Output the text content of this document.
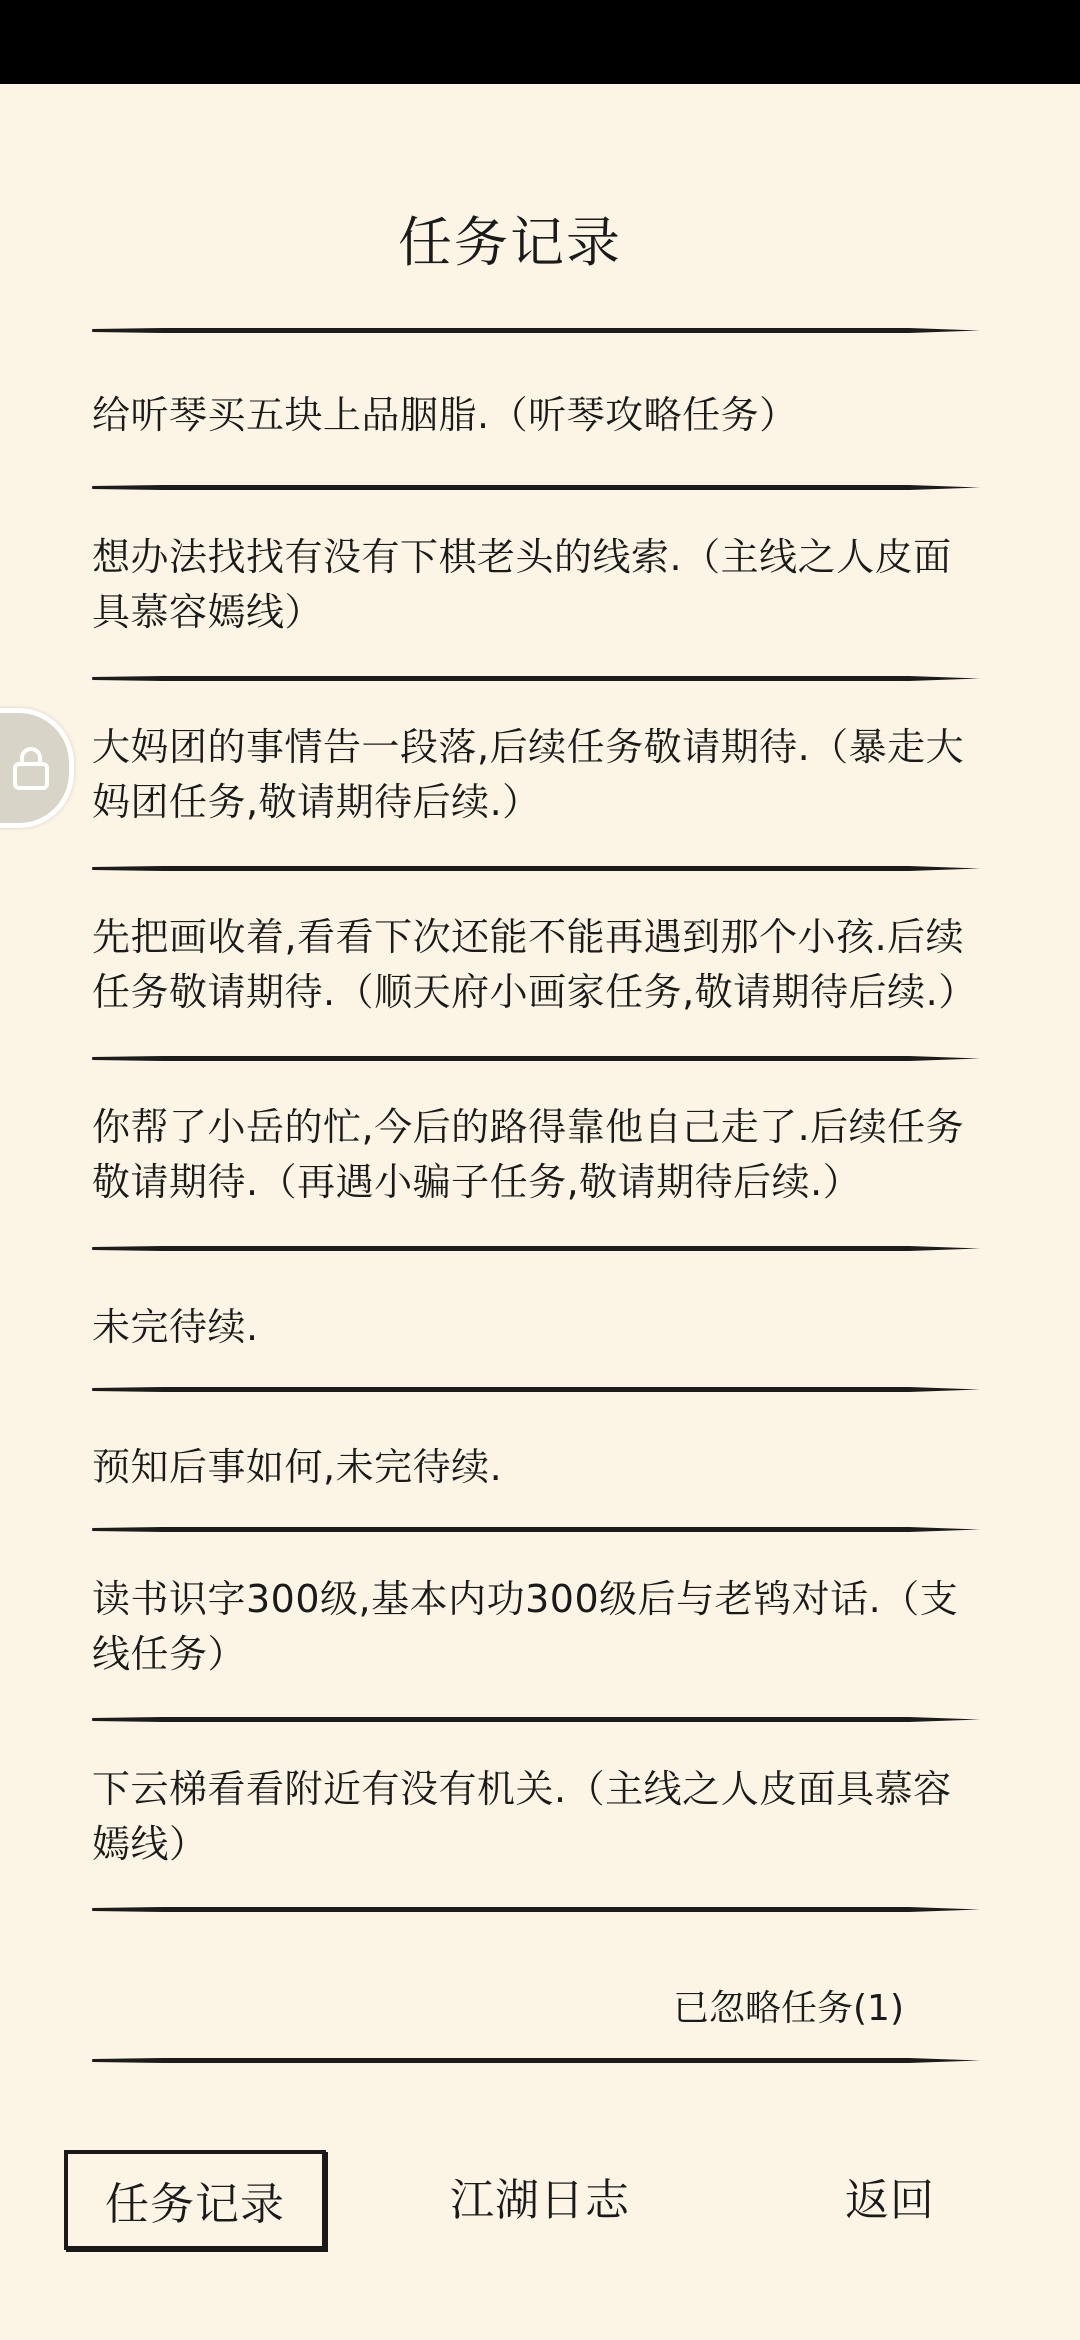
任务记录
给听琴买五块上品胭脂.（听琴攻略任务）
想办法找找有没有下棋老头的线索.（主线之人皮面具慕容嫣线）
大妈团的事情告一段落,后续任务敬请期待.（暴走大妈团任务,敬请期待后续.）
先把画收着,看看下次还能不能再遇到那个小孩.后续任务敬请期待.（顺天府小画家任务,敬请期待后续.）
你帮了小岳的忙,今后的路得靠他自己走了.后续任务敬请期待.（再遇小骗子任务,敬请期待后续.）
未完待续.
预知后事如何,未完待续.
读书识字300级,基本内功300级后与老鸨对话.（支线任务）
下云梯看看附近有没有机关.（主线之人皮面具慕容嫣线）
已忽略任务(1)
任务记录	江湖日志	返回
